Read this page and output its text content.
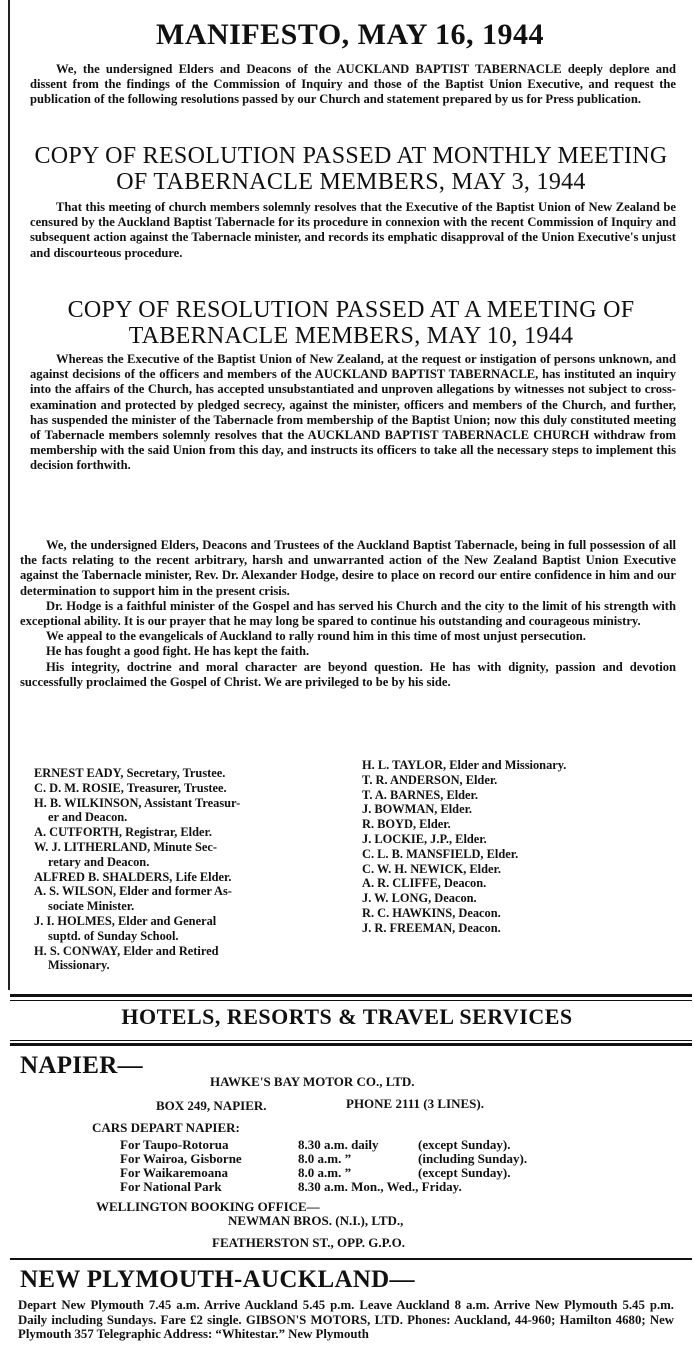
MANIFESTO, MAY 16, 1944

We, the undersigned Elders and Deacons of the AUCKLAND BAPTIST TABERNACLE deeply deplore and dissent from the findings of the Commission of Inquiry and those of the Baptist Union Executive, and request the publication of the following resolutions passed by our Church and statement prepared by us for Press publication.

COPY OF RESOLUTION PASSED AT MONTHLY MEETING OF TABERNACLE MEMBERS, MAY 3, 1944

That this meeting of church members solemnly resolves that the Executive of the Baptist Union of New Zealand be censured by the Auckland Baptist Tabernacle for its procedure in connexion with the recent Commission of Inquiry and subsequent action against the Tabernacle minister, and records its emphatic disapproval of the Union Executive's unjust and discourteous procedure.

COPY OF RESOLUTION PASSED AT A MEETING OF TABERNACLE MEMBERS, MAY 10, 1944

Whereas the Executive of the Baptist Union of New Zealand, at the request or instigation of persons unknown, and against decisions of the officers and members of the AUCKLAND BAPTIST TABERNACLE, has instituted an inquiry into the affairs of the Church, has accepted unsubstantiated and unproven allegations by witnesses not subject to cross-examination and protected by pledged secrecy, against the minister, officers and members of the Church, and further, has suspended the minister of the Tabernacle from membership of the Baptist Union; now this duly constituted meeting of Tabernacle members solemnly resolves that the AUCKLAND BAPTIST TABERNACLE CHURCH withdraw from membership with the said Union from this day, and instructs its officers to take all the necessary steps to implement this decision forthwith.

We, the undersigned Elders, Deacons and Trustees of the Auckland Baptist Tabernacle, being in full possession of all the facts relating to the recent arbitrary, harsh and unwarranted action of the New Zealand Baptist Union Executive against the Tabernacle minister, Rev. Dr. Alexander Hodge, desire to place on record our entire confidence in him and our determination to support him in the present crisis.

Dr. Hodge is a faithful minister of the Gospel and has served his Church and the city to the limit of his strength with exceptional ability. It is our prayer that he may long be spared to continue his outstanding and courageous ministry.

We appeal to the evangelicals of Auckland to rally round him in this time of most unjust persecution.

He has fought a good fight. He has kept the faith.

His integrity, doctrine and moral character are beyond question. He has with dignity, passion and devotion successfully proclaimed the Gospel of Christ. We are privileged to be by his side.

ERNEST EADY, Secretary, Trustee.
C. D. M. ROSIE, Treasurer, Trustee.
H. B. WILKINSON, Assistant Treasur-
er and Deacon.
A. CUTFORTH, Registrar, Elder.
W. J. LITHERLAND, Minute Sec-
retary and Deacon.
ALFRED B. SHALDERS, Life Elder.
A. S. WILSON, Elder and former As-
sociate Minister.
J. I. HOLMES, Elder and General
suptd. of Sunday School.
H. S. CONWAY, Elder and Retired
Missionary.
H. L. TAYLOR, Elder and Missionary.
T. R. ANDERSON, Elder.
T. A. BARNES, Elder.
J. BOWMAN, Elder.
R. BOYD, Elder.
J. LOCKIE, J.P., Elder.
C. L. B. MANSFIELD, Elder.
C. W. H. NEWICK, Elder.
A. R. CLIFFE, Deacon.
J. W. LONG, Deacon.
R. C. HAWKINS, Deacon.
J. R. FREEMAN, Deacon.
HOTELS, RESORTS & TRAVEL SERVICES
NAPIER—
HAWKE'S BAY MOTOR CO., LTD.
BOX 249, NAPIER.	PHONE 2111 (3 LINES).
CARS DEPART NAPIER:
For Taupo-Rotorua	8.30 a.m. daily	(except Sunday).
For Wairoa, Gisborne	8.0 a.m. ”	(including Sunday).
For Waikaremoana	8.0 a.m. ”	(except Sunday).
For National Park	8.30 a.m. Mon., Wed., Friday.
WELLINGTON BOOKING OFFICE—
NEWMAN BROS. (N.I.), LTD.,
FEATHERSTON ST., OPP. G.P.O.
NEW PLYMOUTH-AUCKLAND—

Depart New Plymouth 7.45 a.m. Arrive Auckland 5.45 p.m. Leave Auckland 8 a.m. Arrive New Plymouth 5.45 p.m. Daily including Sundays. Fare £2 single. GIBSON'S MOTORS, LTD. Phones: Auckland, 44-960; Hamilton 4680; New Plymouth 357 Telegraphic Address: “Whitestar.” New Plymouth
